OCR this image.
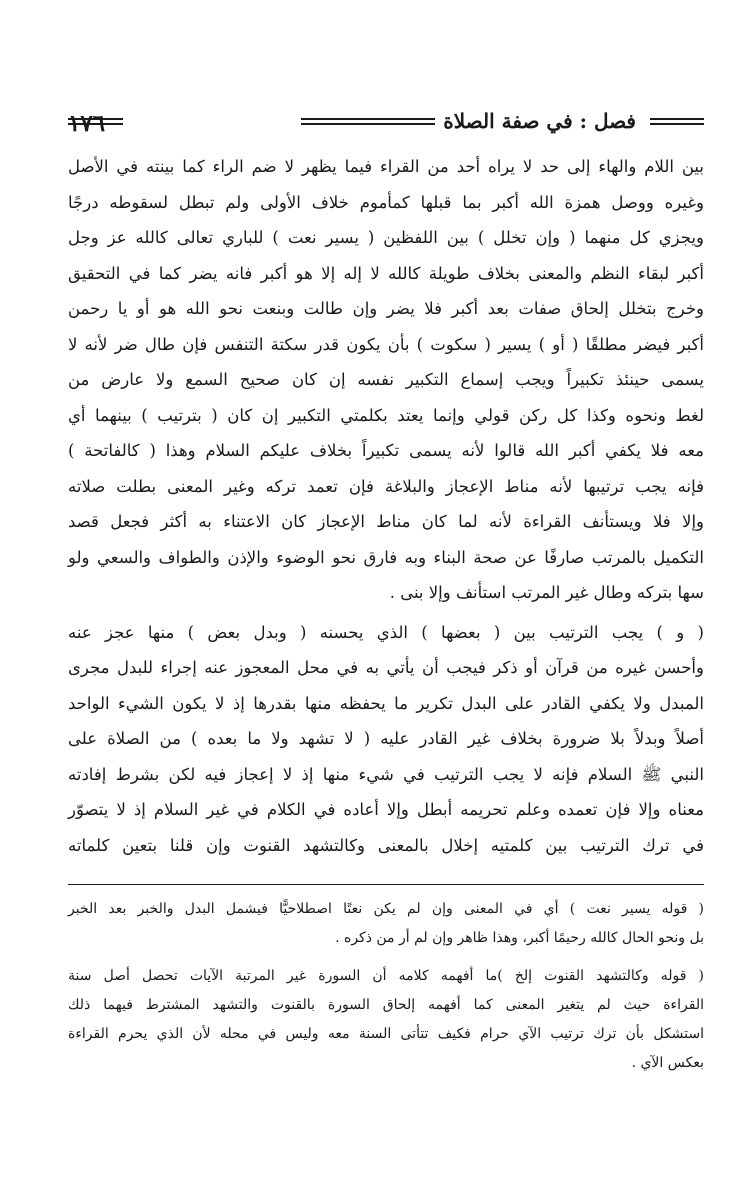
١٧٦	فصل : في صفة الصلاة

بين اللام والهاء إلى حد لا يراه أحد من القراء فيما يظهر لا ضم الراء كما بينته في الأصل

وغيره ووصل همزة الله أكبر بما قبلها كمأموم خلاف الأولى ولم تبطل لسقوطه درجًا

ويجزي كل منهما ( وإن تخلل ) بين اللفظين ( يسير نعت ) للباري تعالى كالله عز وجل

أكبر لبقاء النظم والمعنى بخلاف طويلة كالله لا إله إلا هو أكبر فانه يضر كما في التحقيق

وخرج بتخلل إلحاق صفات بعد أكبر فلا يضر وإن طالت وبنعت نحو الله هو أو يا رحمن

أكبر فيضر مطلقًا ( أو ) يسير ( سكوت ) بأن يكون قدر سكتة التنفس فإن طال ضر لأنه لا

يسمى حينئذ تكبيراً ويجب إسماع التكبير نفسه إن كان صحيح السمع ولا عارض من

لغط ونحوه وكذا كل ركن قولي وإنما يعتد بكلمتي التكبير إن كان ( بترتيب ) بينهما أي

معه فلا يكفي أكبر الله قالوا لأنه يسمى تكبيراً بخلاف عليكم السلام وهذا ( كالفاتحة )

فإنه يجب ترتيبها لأنه مناط الإعجاز والبلاغة فإن تعمد تركه وغير المعنى بطلت صلاته

وإلا فلا ويستأنف القراءة لأنه لما كان مناط الإعجاز كان الاعتناء به أكثر فجعل قصد

التكميل بالمرتب صارفًا عن صحة البناء وبه فارق نحو الوضوء والإذن والطواف والسعي ولو

سها بتركه وطال غير المرتب استأنف وإلا بنى .

( و ) يجب الترتيب بين ( بعضها ) الذي يحسنه ( وبدل بعض ) منها عجز عنه

وأحسن غيره من قرآن أو ذكر فيجب أن يأتي به في محل المعجوز عنه إجراء للبدل مجرى

المبدل ولا يكفي القادر على البدل تكرير ما يحفظه منها بقدرها إذ لا يكون الشيء الواحد

أصلاً وبدلاً بلا ضرورة بخلاف غير القادر عليه ( لا تشهد ولا ما بعده ) من الصلاة على

النبي ﷺ السلام فإنه لا يجب الترتيب في شيء منها إذ لا إعجاز فيه لكن بشرط إفادته

معناه وإلا فإن تعمده وعلم تحريمه أبطل وإلا أعاده في الكلام في غير السلام إذ لا يتصوّر

في ترك الترتيب بين كلمتيه إخلال بالمعنى وكالتشهد القنوت وإن قلنا بتعين كلماته

( قوله يسير نعت ) أي في المعنى وإن لم يكن نعتًا اصطلاحيًّا فيشمل البدل والخبر بعد الخبر

بل ونحو الحال كالله رحيمًا أكبر، وهذا ظاهر وإن لم أر من ذكره .

( قوله وكالتشهد القنوت إلخ )ما أفهمه كلامه أن السورة غير المرتبة الآيات تحصل أصل سنة

القراءة حيث لم يتغير المعنى كما أفهمه إلحاق السورة بالقنوت والتشهد المشترط فيهما ذلك

استشكل بأن ترك ترتيب الآي حرام فكيف تتأتى السنة معه وليس في محله لأن الذي يحرم القراءة

بعكس الآي .
